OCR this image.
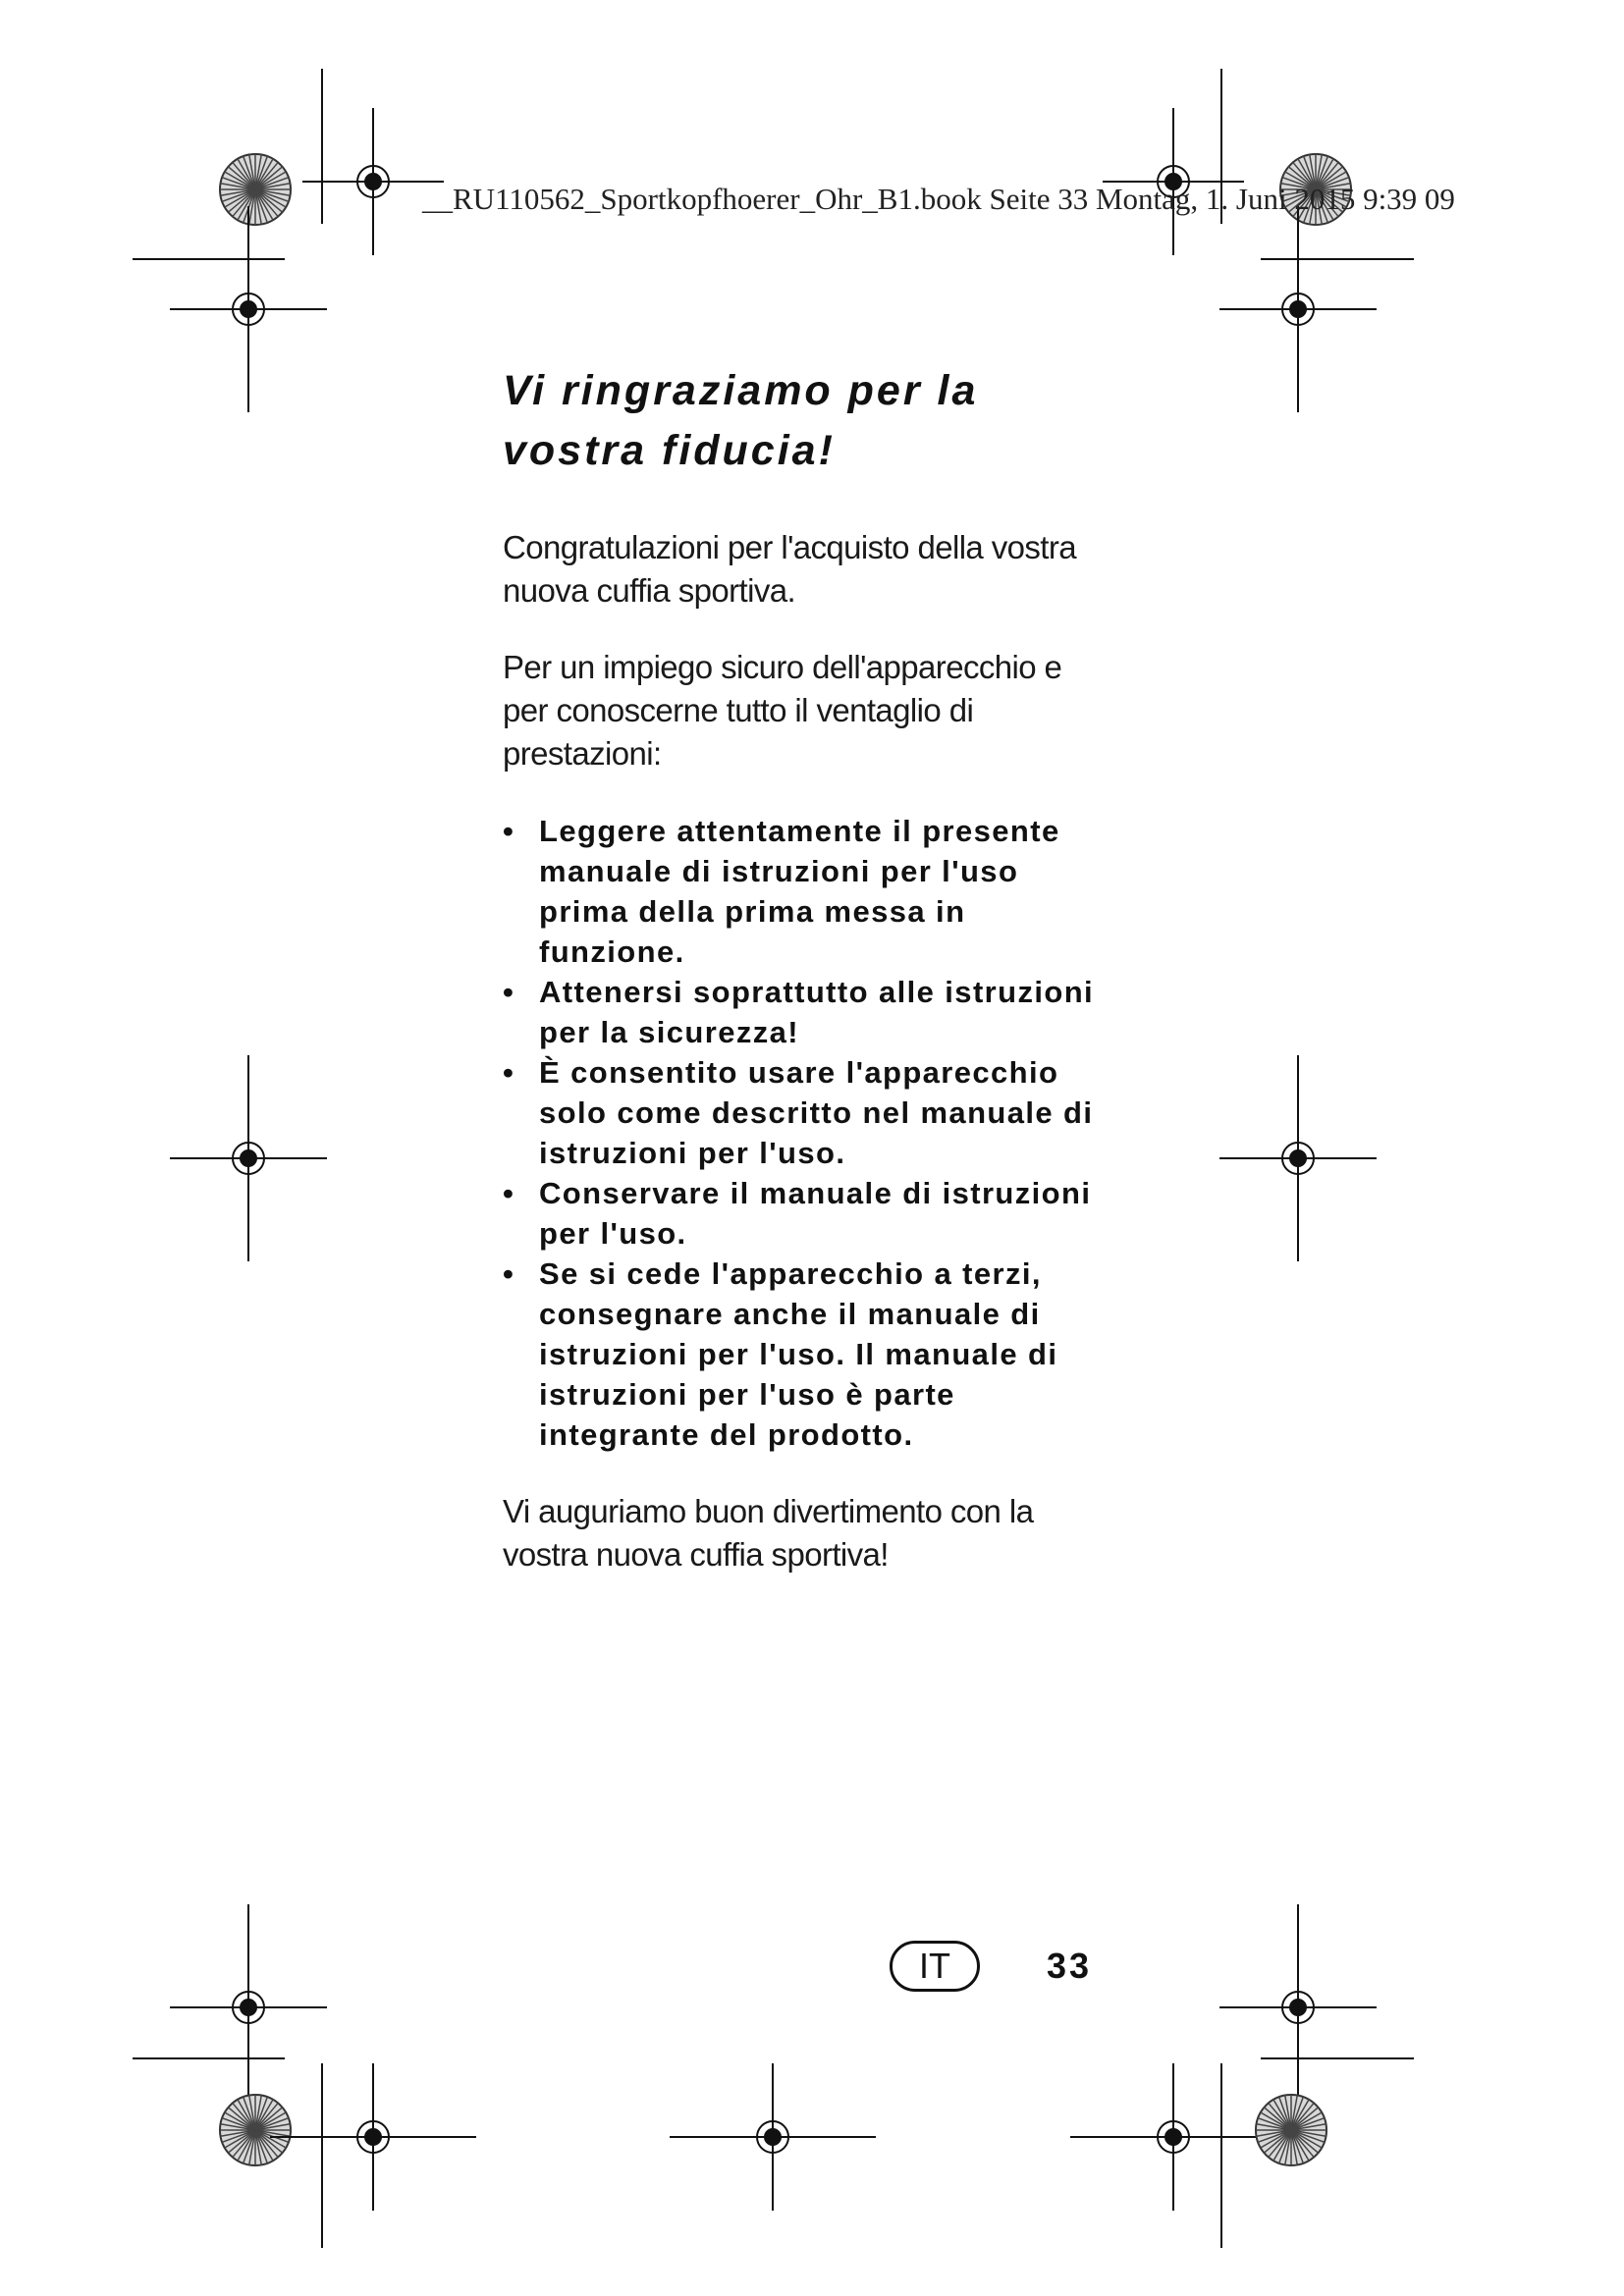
__RU110562_Sportkopfhoerer_Ohr_B1.book Seite 33 Montag, 1. Juni 2015 9:39 09
Vi ringraziamo per la
vostra fiducia!

Congratulazioni per l'acquisto della vostra nuova cuffia sportiva.

Per un impiego sicuro dell'apparecchio e per conoscerne tutto il ventaglio di prestazioni:

• Leggere attentamente il presente manuale di istruzioni per l'uso prima della prima messa in funzione.
• Attenersi soprattutto alle istruzioni per la sicurezza!
• È consentito usare l'apparecchio solo come descritto nel manuale di istruzioni per l'uso.
• Conservare il manuale di istruzioni per l'uso.
• Se si cede l'apparecchio a terzi, consegnare anche il manuale di istruzioni per l'uso. Il manuale di istruzioni per l'uso è parte integrante del prodotto.

Vi auguriamo buon divertimento con la vostra nuova cuffia sportiva!

IT	33
